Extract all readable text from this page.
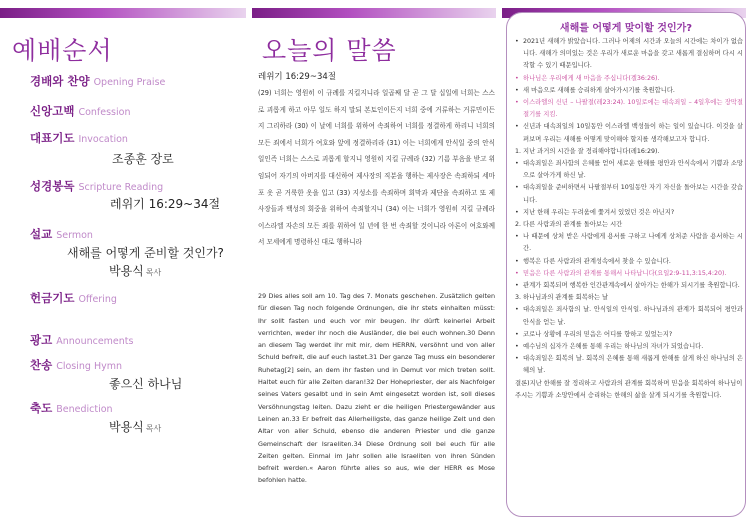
예배순서
경배와 찬양 Opening Praise
신앙고백 Confession
대표기도 Invocation
조종훈 장로
성경봉독 Scripture Reading
레위기 16:29~34절
설교 Sermon
새해를 어떻게 준비할 것인가?
박용식 목사
헌금기도 Offering
광고 Announcements
찬송 Closing Hymn
좋으신 하나님
축도 Benediction
박용식 목사
오늘의 말씀
레위기 16:29~34절
(29) 너희는 영원히 이 규례를 지킬지니라 일곱째 달 곧 그 달 십일에 너희는 스스로 괴롭게 하고 아무 일도 하지 말되 본토인이든지 너희 중에 거류하는 거류민이든지 그리하라 (30) 이 날에 너희를 위하여 속죄하여 너희를 정결하게 하리니 너희의 모든 죄에서 너희가 여호와 앞에 정결하리라 (31) 이는 너희에게 안식일 중의 안식일인즉 너희는 스스로 괴롭게 할지니 영원히 지킬 규례라 (32) 기름 부음을 받고 위임되어 자기의 아버지를 대신하여 제사장의 직분을 행하는 제사장은 속죄하되 세마포 옷 곧 거룩한 옷을 입고 (33) 지성소를 속죄하며 회막과 제단을 속죄하고 또 제사장들과 백성의 회중을 위하여 속죄할지니 (34) 이는 너희가 영원히 지킬 규례라 이스라엘 자손의 모든 죄를 위하여 일 년에 한 번 속죄할 것이니라 아론이 여호와께서 모세에게 명령하신 대로 행하니라
29 Dies alles soll am 10. Tag des 7. Monats geschehen. Zusätzlich gelten für diesen Tag noch folgende Ordnungen, die ihr stets einhalten müsst: Ihr sollt fasten und euch vor mir beugen. Ihr dürft keinerlei Arbeit verrichten, weder ihr noch die Ausländer, die bei euch wohnen.30 Denn an diesem Tag werdet ihr mit mir, dem HERRN, versöhnt und von aller Schuld befreit, die auf euch lastet.31 Der ganze Tag muss ein besonderer Ruhetag[2] sein, an dem ihr fasten und in Demut vor mich treten sollt. Haltet euch für alle Zeiten daran!32 Der Hohepriester, der als Nachfolger seines Vaters gesalbt und in sein Amt eingesetzt worden ist, soll dieses Versöhnungstag leiten. Dazu zieht er die heiligen Priestergewänder aus Leinen an.33 Er befreit das Allerheiligste, das ganze heilige Zelt und den Altar von aller Schuld, ebenso die anderen Priester und die ganze Gemeinschaft der Israeliten.34 Diese Ordnung soll bei euch für alle Zeiten gelten. Einmal im Jahr sollen alle Israeliten von ihren Sünden befreit werden.« Aaron führte alles so aus, wie der HERR es Mose befohlen hatte.
새해를 어떻게 맞이할 것인가?
• 2021년 새해가 밝았습니다. 그러나 어제의 시간과 오늘의 시간에는 차이가 없습니다. 새해가 의미있는 것은 우리가 새로운 마음을 갖고 새롭게 결심하며 다시 시작할 수 있기 때문입니다.
• 하나님은 우리에게 새 마음을 주십니다(겔36:26).
• 새 마음으로 새해를 승리하게 살아가시기를 축원합니다.
• 이스라엘의 신년 – 나팔절(레23:24). 10일로에는 대속죄일 – 4일후에는 장막절 절기를 지킴.
• 신년과 대속죄일의 10일동안 이스라엘 백성들이 하는 일이 있습니다. 이것을 살펴보며 우리는 새해를 어떻게 맞이해야 할지를 생각해보고자 합니다.
1. 지난 과거의 시간을 잘 정리해야합니다(레16:29).
• 대속죄일은 죄사함의 은혜를 얻어 새로운 한해를 평안과 안식속에서 기쁨과 소망으로 살아가게 하신 날.
• 대속죄일을 준비하면서 나팔절부터 10일동안 자기 자신을 돌아보는 시간을 갖습니다.
• 지난 한해 우리는 두려움에 쫓겨서 있었던 것은 아닌지?
2. 다른 사람과의 관계를 돌아보는 시간
• 나 때문에 상처 받은 사람에게 용서를 구하고 나에게 상처준 사람을 용서하는 시간.
• 행복은 다른 사람과의 관계성속에서 찾을 수 있습니다.
• 믿음은 다른 사람과의 관계를 통해서 나타납니다(요일2:9-11,3:15,4:20).
• 관계가 회복되며 행복한 인간관계속에서 살아가는 한해가 되시기를 축원합니다.
3. 하나님과의 관계를 회복하는 날
• 대속죄일은 죄사함의 날. 안식일의 안식일. 하나님과의 관계가 회복되어 평안과 안식을 얻는 날.
• 코로나 상황에 우리의 믿음은 어디를 향하고 있었는지?
• 예수님의 십자가 은혜를 통해 우리는 하나님의 자녀가 되었습니다.
• 대속죄일은 회복의 날. 회복의 은혜를 통해 새롭게 한해를 살게 하신 하나님의 은혜의 날.
결론)지난 한해를 잘 정리하고 사람과의 관계를 회복하며 믿음을 회복하여 하나님이 주시는 기쁨과 소망안에서 승리하는 한해의 삶을 살게 되시기를 축원합니다.
